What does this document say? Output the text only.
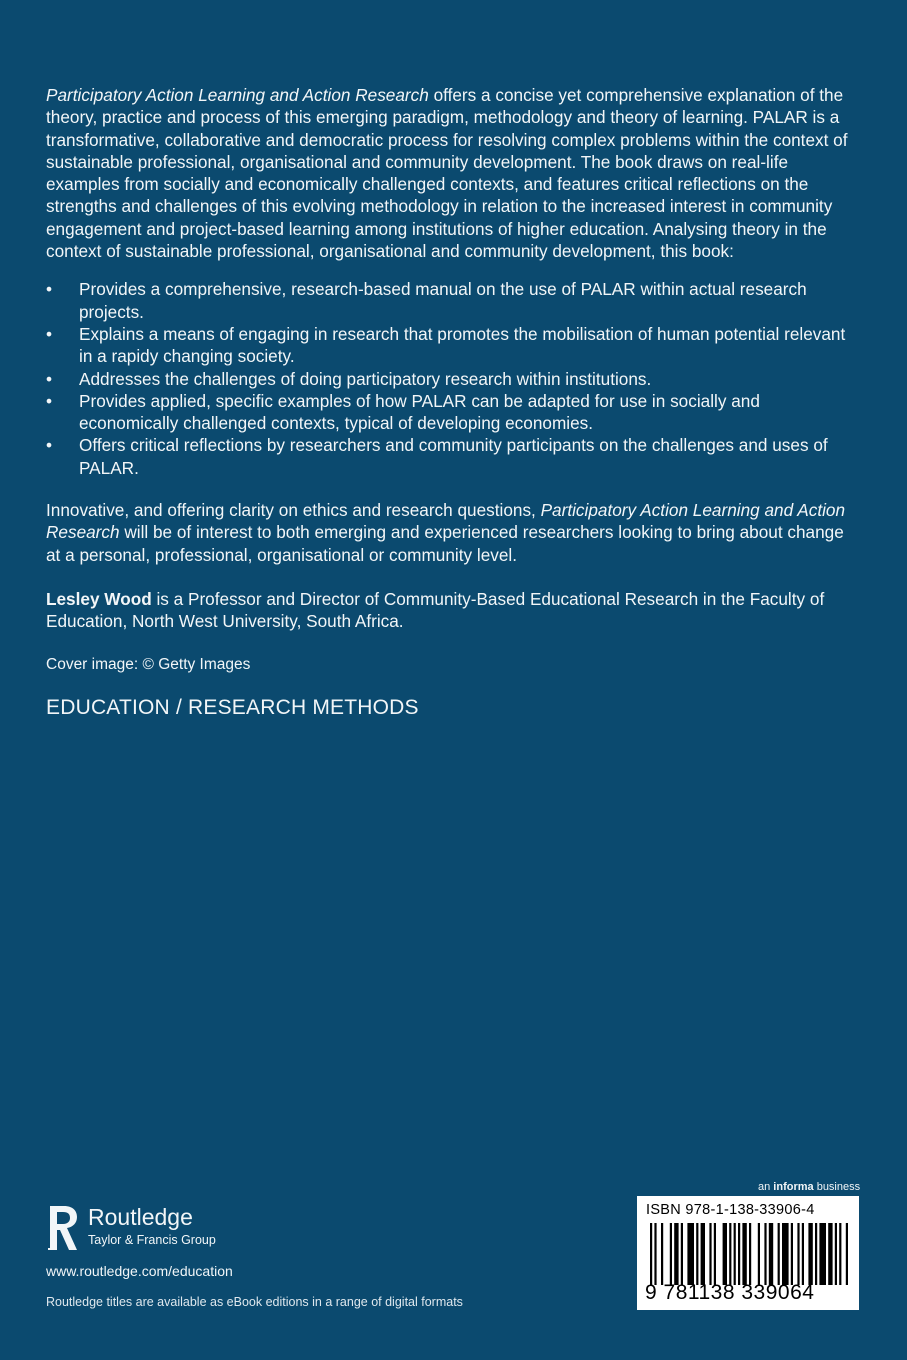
Participatory Action Learning and Action Research offers a concise yet comprehensive explanation of the theory, practice and process of this emerging paradigm, methodology and theory of learning. PALAR is a transformative, collaborative and democratic process for resolving complex problems within the context of sustainable professional, organisational and community development. The book draws on real-life examples from socially and economically challenged contexts, and features critical reflections on the strengths and challenges of this evolving methodology in relation to the increased interest in community engagement and project-based learning among institutions of higher education. Analysing theory in the context of sustainable professional, organisational and community development, this book:

• Provides a comprehensive, research-based manual on the use of PALAR within actual research projects.
• Explains a means of engaging in research that promotes the mobilisation of human potential relevant in a rapidy changing society.
• Addresses the challenges of doing participatory research within institutions.
• Provides applied, specific examples of how PALAR can be adapted for use in socially and economically challenged contexts, typical of developing economies.
• Offers critical reflections by researchers and community participants on the challenges and uses of PALAR.

Innovative, and offering clarity on ethics and research questions, Participatory Action Learning and Action Research will be of interest to both emerging and experienced researchers looking to bring about change at a personal, professional, organisational or community level.

Lesley Wood is a Professor and Director of Community-Based Educational Research in the Faculty of Education, North West University, South Africa.

Cover image: © Getty Images

EDUCATION / RESEARCH METHODS

Routledge
Taylor & Francis Group
www.routledge.com/education
Routledge titles are available as eBook editions in a range of digital formats
an informa business
ISBN 978-1-138-33906-4
9 781138 339064
